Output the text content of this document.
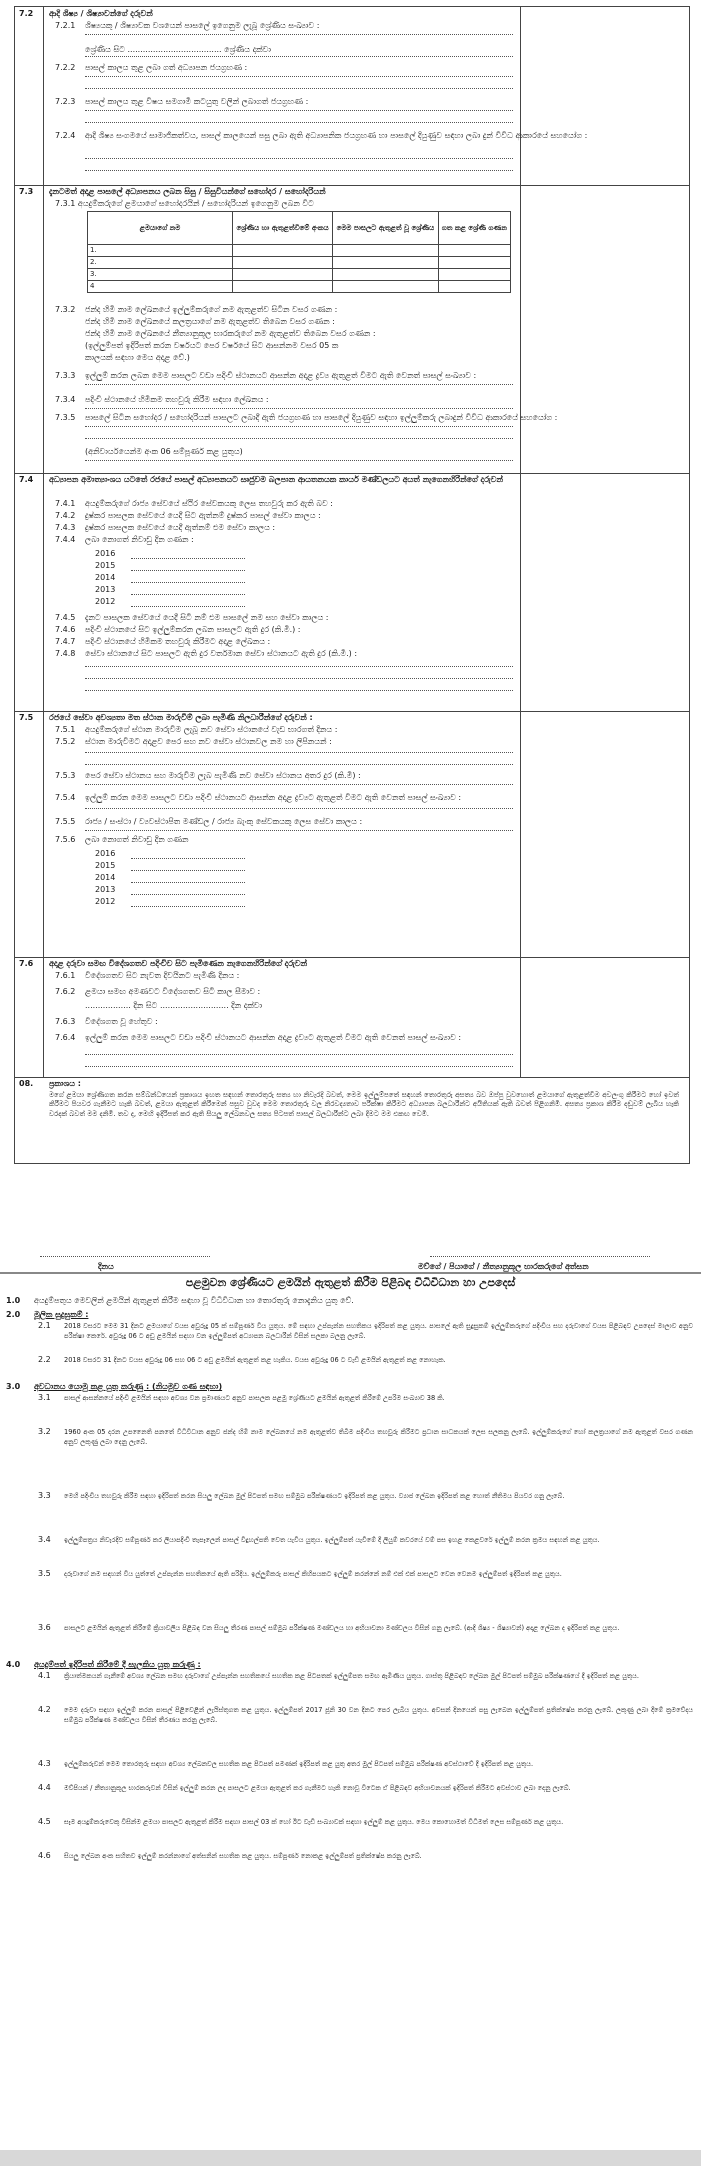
7.2 ආදි ශිෂ්‍ය / ශිෂ්‍යාවන්ගේ දරුවන්
7.2.1	ශිෂ්‍යයකු / ශිෂ්‍යාවක වශයෙන් පාසලේ ඉගෙනුම ලැබූ ශ්‍රේණිය සංඛ්‍යාව :
ශ්‍රේණිය සිට ..................................... ශ්‍රේණිය දක්වා
7.2.2	පාසල් කාලය තුළ ලබා ගත් අධ්‍යාපන ජයග්‍රහණ :
7.2.3	පාසල් කාලය තුළ විෂය සමගාමී කටයුතු වලින් ලබාගත් ජයග්‍රහණ :
7.2.4	ආදි ශිෂ්‍ය සංගමයේ සාමාජිකත්වය, පාසල් කාලයෙන් පසු ලබා ඇති අධ්‍යාපනික ජයග්‍රහණ හා පාසලේ දියුණුව සඳහා ලබා දුන් විවිධ ආකාරයේ සහයෝග :
7.3 දැනටමත් අදාළ පාසලේ අධ්‍යාපනය ලබන සිසු / සිසුවියන්ගේ සහෝදර / සහෝදරියන්
7.3.1 අයදුම්කරුගේ ළමයාගේ සහෝදරයින් / සහෝදරියන් ඉගෙනුම ලබන විට
ළමයාගේ නම	ශ්‍රේණිය හා ඇතුළත්වීමේ අංකය	මෙම පාසලට ඇතුළත් වූ ශ්‍රේණිය	ගත කළ ශ්‍රේණි ගණන
1.			
2.			
3.			
4			
7.3.2	ජන්ද හිමි නාම ලේඛනයේ ඉල්ලුම්කරුගේ නම ඇතුළත්ව සිටින වසර ගණන :
ජන්ද හිමි නාම ලේඛනයේ කලත්‍රයාගේ නම ඇතුළත්ව තිබෙන වසර ගණන :
ජන්ද හිමි නාම ලේඛනයේ නීත්‍යානුකූල භාරකරුගේ නම ඇතුළත්ව තිබෙන වසර ගණන :
(ඉල්ලුම්පත් ඉදිරිපත් කරන වර්ෂයට පෙර වර්ෂයේ සිට ආසන්නම වසර 05 ක
කාලයක් සඳහා මෙය අදාළ වේ.)
7.3.3	ඉල්ලුම් කරන ලබන මෙම පාසලට වඩා පදිංචි ස්ථානයට ආසන්න අදාළ ද්‍රව්‍ය ඇතුළත් විමට ඇති වෙනත් පාසල් සංඛ්‍යාව :
7.3.4	පදිංචි ස්ථානයේ හිමිකම තහවුරු කිරීම සඳහා ලේඛනය :
7.3.5	පාසලේ සිටින සහෝදර / සහෝදරියන් පාසලට ලබාදී ඇති ජයග්‍රහණ හා පාසලේ දියුණුව සඳහා ඉල්ලුම්කරු ලබාදුන් විවිධ ආකාරයේ සහයෝග :
(අනිවාර්යයෙන්ම අංක 06 සම්පූර්ණ කළ යුතුය)
7.4 අධ්‍යාපන අමාත්‍යාංශය යටතේ රජයේ පාසල් අධ්‍යාපනයට සෘජුවම බලපාන ආයතනයක කාර්ය මණ්ඩලයට අයත් නැගෙනහිරින්ගේ දරුවන්
7.4.1	අයදුම්කරුගේ රාජ්‍ය සේවයේ ස්ථිර සේවකයකු ලෙස තහවුරු කර ඇති බව :
7.4.2	දුෂ්කර පාසලක සේවයේ යෙදී සිට ඇත්නම් දුෂ්කර පාසල් සේවා කාලය :
7.4.3	දුෂ්කර පාසලක සේවයේ යෙදී ඇත්නම් එම සේවා කාලය :
7.4.4	ලබා නොගත් නිවාඩු දින ගණන :
2016
2015
2014
2013
2012
7.4.5	දැනට පාසලක සේවයේ යෙදී සිටී නම් එම පාසලේ නම සහ සේවා කාලය :
7.4.6	පදිංචි ස්ථානයේ සිට ඉල්ලුම්කරන ලබන පාසලට ඇති දුර (කි.මී.) :
7.4.7	පදිංචි ස්ථානයේ හිමිකම තහවුරු කිරීමට අදාළ ලේඛනය :
7.4.8	සේවා ස්ථානයේ සිට පාසලට ඇති දුර වර්තමාන සේවා ස්ථානයට ඇති දුර (කි.මී.) :
7.5 රජයේ සේවා අවශ්‍යතා මත ස්ථාන මාරුවීම් ලබා පැමිණි නිලධාරීන්ගේ දරුවන් :
7.5.1	අයදුම්කරුගේ ස්ථාන මාරුවීම ලැබූ නව සේවා ස්ථානයේ වැඩ භාරගත් දිනය :
7.5.2	ස්ථාන මාරුවීමට අදාළව පෙර සහ නව සේවා ස්ථානවල නම හා ලිපිනයන් :
7.5.3	පෙර සේවා ස්ථානය සහ මාරුවීම ලැබ පැමිණි නව සේවා ස්ථානය අතර දුර (කි.මී) :
7.5.4	ඉල්ලුම් කරන මෙම පාසලට වඩා පදිංචි ස්ථානයට ආසන්න අදාළ ද්‍රව්‍යට ඇතුළත් විමට ඇති වෙනත් පාසල් සංඛ්‍යාව :
7.5.5	රාජ්‍ය / සංස්ථා / ව්‍යවස්ථාපිත මණ්ඩල / රාජ්‍ය බැංකු සේවකයකු ලෙස සේවා කාලය :
7.5.6	ලබා නොගත් නිවාඩු දින ගණන
2016
2015
2014
2013
2012
7.6 අදාළ දරුවා සමඟ විදේශගතව පදිංචිව සිට පැමිණෙන නැගෙනහිරින්ගේ දරුවන්
7.6.1	විදේශගතව සිට නැවත දිවයිනට පැමිණි දිනය :
7.6.2	ළමයා සමඟ අමණවට විදේශගතව සිටි කාල සීමාව :
.................. දින සිට ........................... දින දක්වා
7.6.3	විදේශගත වූ හේතුව :
7.6.4	ඉල්ලුම් කරන මෙම පාසලට වඩා පදිංචි ස්ථානයට ආසන්න අදාළ ද්‍රව්‍යට ඇතුළත් විමට ඇති වෙනත් පාසල් සංඛ්‍යාව :
08. ප්‍රකාශය :
මගේ ළමයා ශ්‍රේණිගත කරන සම්බන්ධයෙන් ප්‍රකාශය ඉහත සඳහන් තොරතුරු සත්‍ය හා නිවැරදි බවත්, මෙම ඉල්ලුම්පතේ සඳහන් තොරතුරු අසත්‍ය බව ඔප්පු වුවහොත් ළමයාගේ ඇතුළත්වීම අවලංගු කිරීමට හෝ ඉවත් කිරීමට පියවර ගැනීමට හැකි බවත්, ළමයා ඇතුළත් කිරීමෙන් පසුව වුවද මෙම තොරතුරු වල නිරවද්‍යතාව පරීක්ෂා කිරීමට අධ්‍යාපන බලධාරීන්ට අයිතියක් ඇති බවත් පිළිගනිමි. අසත්‍ය ප්‍රකාශ කිරීම දඬුවම් ලැබිය හැකි වරදක් බවත් මම දනිමි. තව ද, මෙහි ඉදිරිපත් කර ඇති සියලු ලේඛනවල සත්‍ය පිටපත් පාසල් බලධාරීන්ට ලබා දීමට මම එකඟ වෙමි.
දිනය	මව්ගේ / පියාගේ / නීත්‍යානුකූල භාරකරුගේ අත්සන
පළමුවන ශ්‍රේණියට ළමයින් ඇතුළත් කිරීම පිළිබඳ විධිවිධාන හා උපදෙස්
1.0 අයදුම්පතුය මෙවලින් ළමයින් ඇතුළත් කිරීම සඳහා වූ විධිවිධාන හා තොරතුරු නොදැනිය යුතු වේ.
2.0 මූලික සුදුසුකම් :
2.1 2018 වසරට මෙම 31 දිනට ළමයාගේ වයස අවුරුදු 05 ක් සම්පූර්ණ විය යුතුය. මේ සඳහා උප්පැන්න සහතිකය ඉදිරිපත් කළ යුතුය. පාසලේ ඇති සුදුසුකම් ඉල්ලුම්කරුගේ පදිංචිය සහ දරුවාගේ වයස පිළිබඳව උපදෙස් මාලාව අනුව පරීක්ෂා කෙරේ. අවුරුදු 06 ට අඩු ළමයින් සඳහා වන ඉල්ලුම්පත් අධ්‍යාපන බලධාරීන් විසින් සලකා බලනු ලැබේ.
2.2 2018 වසරට 31 දිනට වයස අවුරුදු 06 සහ 06 ට අඩු ළමයින් ඇතුළත් කළ හැකිය. වයස අවුරුදු 06 ට වැඩි ළමයින් ඇතුළත් කළ නොහැක.
3.0 අවධානය යොමු කළ යුතු කරුණු : (නියමුව ගණ සඳහා)
3.1 පාසල් ආසන්නයේ පදිංචි ළමයින් සඳහා අවශ්‍ය වන ප්‍රමාණයට අනුව පාසලක පළමු ශ්‍රේණියට ළමයින් ඇතුළත් කිරීමේ උපරිම සංඛ්‍යාව 38 කි.
3.2 1960 අංක 05 දරන උපනෛති පනතේ විධිවිධාන අනුව ජන්ද හිමි නාම ලේඛනයේ නම ඇතුළත්ව තිබීම පදිංචිය තහවුරු කිරීමට ප්‍රධාන සාධකයක් ලෙස සලකනු ලැබේ. ඉල්ලුම්කරුගේ හෝ කලත්‍රයාගේ නම ඇතුළත් වසර ගණන අනුව ලකුණු ලබා දෙනු ලැබේ.
3.3 මෙහි පදිංචිය තහවුරු කිරීම සඳහා ඉදිරිපත් කරන සියලු ලේඛන මුල් පිටපත් සමඟ සම්මුඛ පරීක්ෂණයට ඉදිරිපත් කළ යුතුය. ව්‍යාජ ලේඛන ඉදිරිපත් කළ හොත් නීතිමය පියවර ගනු ලැබේ.
3.4 ඉල්ලුම්පත්‍රය නිවැරදිව සම්පූර්ණ කර ලියාපදිංචි තැපෑලෙන් පාසල් විදුහල්පති වෙත යැවිය යුතුය. ඉල්ලුම්පත් යැවීමේ දී ලියුම් කවරයේ වම් පස ඉහළ කෙළවරේ ඉල්ලුම් කරන ක්‍රමය සඳහන් කළ යුතුය.
3.5 දරුවාගේ නම සඳහන් විය යුත්තේ උප්පැන්න සහතිකයේ ඇති පරිදිය. ඉල්ලුම්කරු පාසල් කිහිපයකට ඉල්ලුම් කරන්නේ නම් එක් එක් පාසලට වෙන වෙනම ඉල්ලුම්පත් ඉදිරිපත් කළ යුතුය.
3.6 පාසලට ළමයින් ඇතුළත් කිරීමේ ක්‍රියාවලිය පිළිබඳ වන සියලු තීරණ පාසල් සම්මුඛ පරීක්ෂණ මණ්ඩලය හා අභියාචනා මණ්ඩලය විසින් ගනු ලැබේ. (ආදි ශිෂ්‍ය - ශිෂ්‍යාවන්) අදාළ ලේඛන ද ඉදිරිපත් කළ යුතුය.
4.0 අයදුම්පත් ඉදිරිපත් කිරීමේ දී සැලකිය යුතු කරුණු :
4.1 ක්‍රියාත්මකයන් ගැනීමේ අවශ්‍ය ලේඛන සමඟ දරුවාගේ උප්පැන්න සහතිකයේ සහතික කළ පිටපතක් ඉල්ලුම්පත සමඟ ඇමිණිය යුතුය. ගාස්තු පිළිබඳව ලේඛන මුල් පිටපත් සම්මුඛ පරීක්ෂණයේ දී ඉදිරිපත් කළ යුතුය.
4.2 මෙම දරුවා සඳහා ඉල්ලුම් කරන පාසල් පිළිවෙළින් ලැයිස්තුගත කළ යුතුය. ඉල්ලුම්පත් 2017 ජූනි 30 වන දිනට පෙර ලැබිය යුතුය. අවසන් දිනයෙන් පසු ලැබෙන ඉල්ලුම්පත් ප්‍රතික්ෂේප කරනු ලැබේ. ලකුණු ලබා දීමේ ක්‍රමවේදය සම්මුඛ පරීක්ෂණ මණ්ඩලය විසින් තීරණය කරනු ලැබේ.
4.3 ඉල්ලුම්කරුවන් මෙම තොරතුරු සඳහා අවශ්‍ය ලේඛනවල සහතික කළ පිටපත් පමණක් ඉදිරිපත් කළ යුතු අතර මුල් පිටපත් සම්මුඛ පරීක්ෂණ අවස්ථාවේ දී ඉදිරිපත් කළ යුතුය.
4.4 මව්පියන් / නීත්‍යානුකූල භාරකරුවන් විසින් ඉල්ලුම් කරන ලද පාසලට ළමයා ඇතුළත් කර ගැනීමට හැකි නොවූ විටෙක ඒ පිළිබඳව අභියාචනයක් ඉදිරිපත් කිරීමට අවස්ථාව ලබා දෙනු ලැබේ.
4.5 සෑම අයදුම්කරුවෙකු විසින්ම ළමයා පාසලට ඇතුළත් කිරීම සඳහා පාසල් 03 ක් හෝ ඊට වැඩි සංඛ්‍යාවක් සඳහා ඉල්ලුම් කළ යුතුය. මෙය කොහොමත් විධිමත් ලෙස සම්පූර්ණ කළ යුතුය.
4.6 සියලු ලේඛන අංක සහිතව ඉල්ලුම් කරන්නාගේ අත්සනින් සහතික කළ යුතුය. සම්පූර්ණ නොකළ ඉල්ලුම්පත් ප්‍රතික්ෂේප කරනු ලැබේ.
